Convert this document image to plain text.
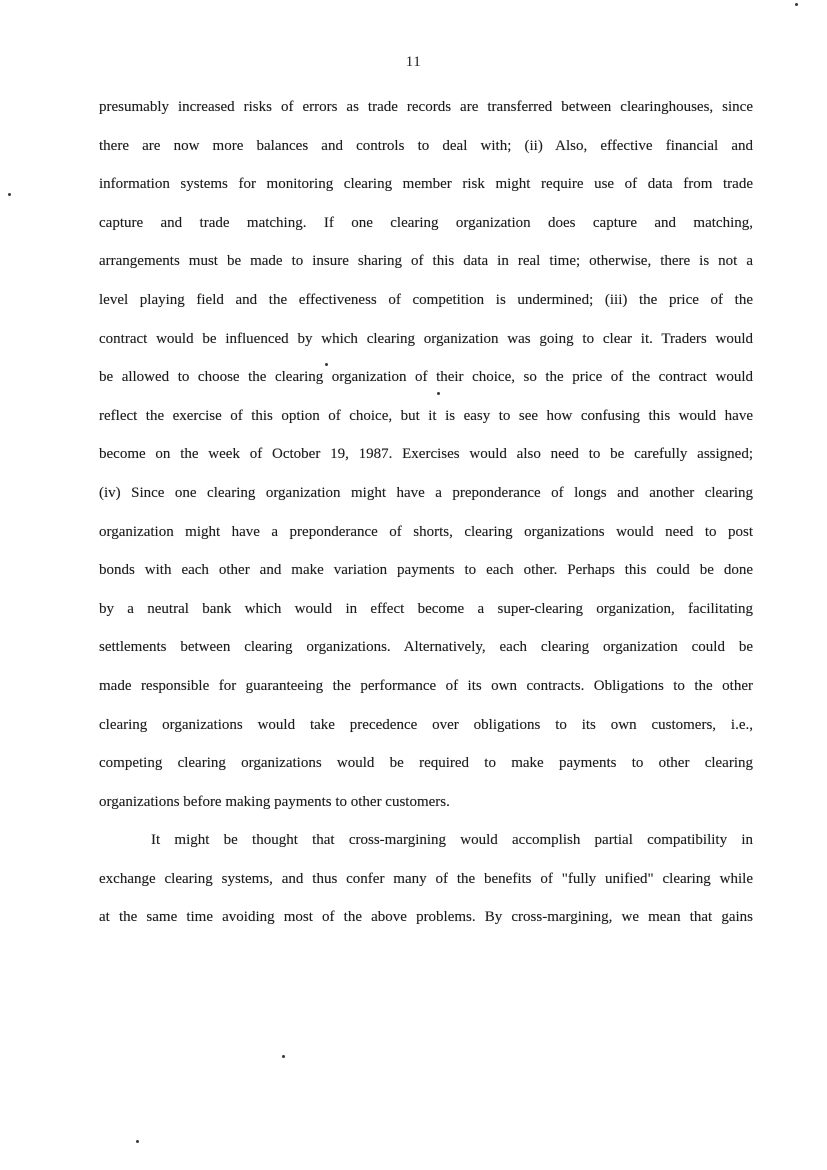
11
presumably increased risks of errors as trade records are transferred between clearinghouses, since
there are now more balances and controls to deal with; (ii) Also, effective financial and
information systems for monitoring clearing member risk might require use of data from trade
capture and trade matching. If one clearing organization does capture and matching,
arrangements must be made to insure sharing of this data in real time; otherwise, there is not a
level playing field and the effectiveness of competition is undermined; (iii) the price of the
contract would be influenced by which clearing organization was going to clear it. Traders would
be allowed to choose the clearing organization of their choice, so the price of the contract would
reflect the exercise of this option of choice, but it is easy to see how confusing this would have
become on the week of October 19, 1987. Exercises would also need to be carefully assigned;
(iv) Since one clearing organization might have a preponderance of longs and another clearing
organization might have a preponderance of shorts, clearing organizations would need to post
bonds with each other and make variation payments to each other. Perhaps this could be done
by a neutral bank which would in effect become a super-clearing organization, facilitating
settlements between clearing organizations. Alternatively, each clearing organization could be
made responsible for guaranteeing the performance of its own contracts. Obligations to the other
clearing organizations would take precedence over obligations to its own customers, i.e.,
competing clearing organizations would be required to make payments to other clearing
organizations before making payments to other customers.
It might be thought that cross-margining would accomplish partial compatibility in
exchange clearing systems, and thus confer many of the benefits of "fully unified" clearing while
at the same time avoiding most of the above problems. By cross-margining, we mean that gains
